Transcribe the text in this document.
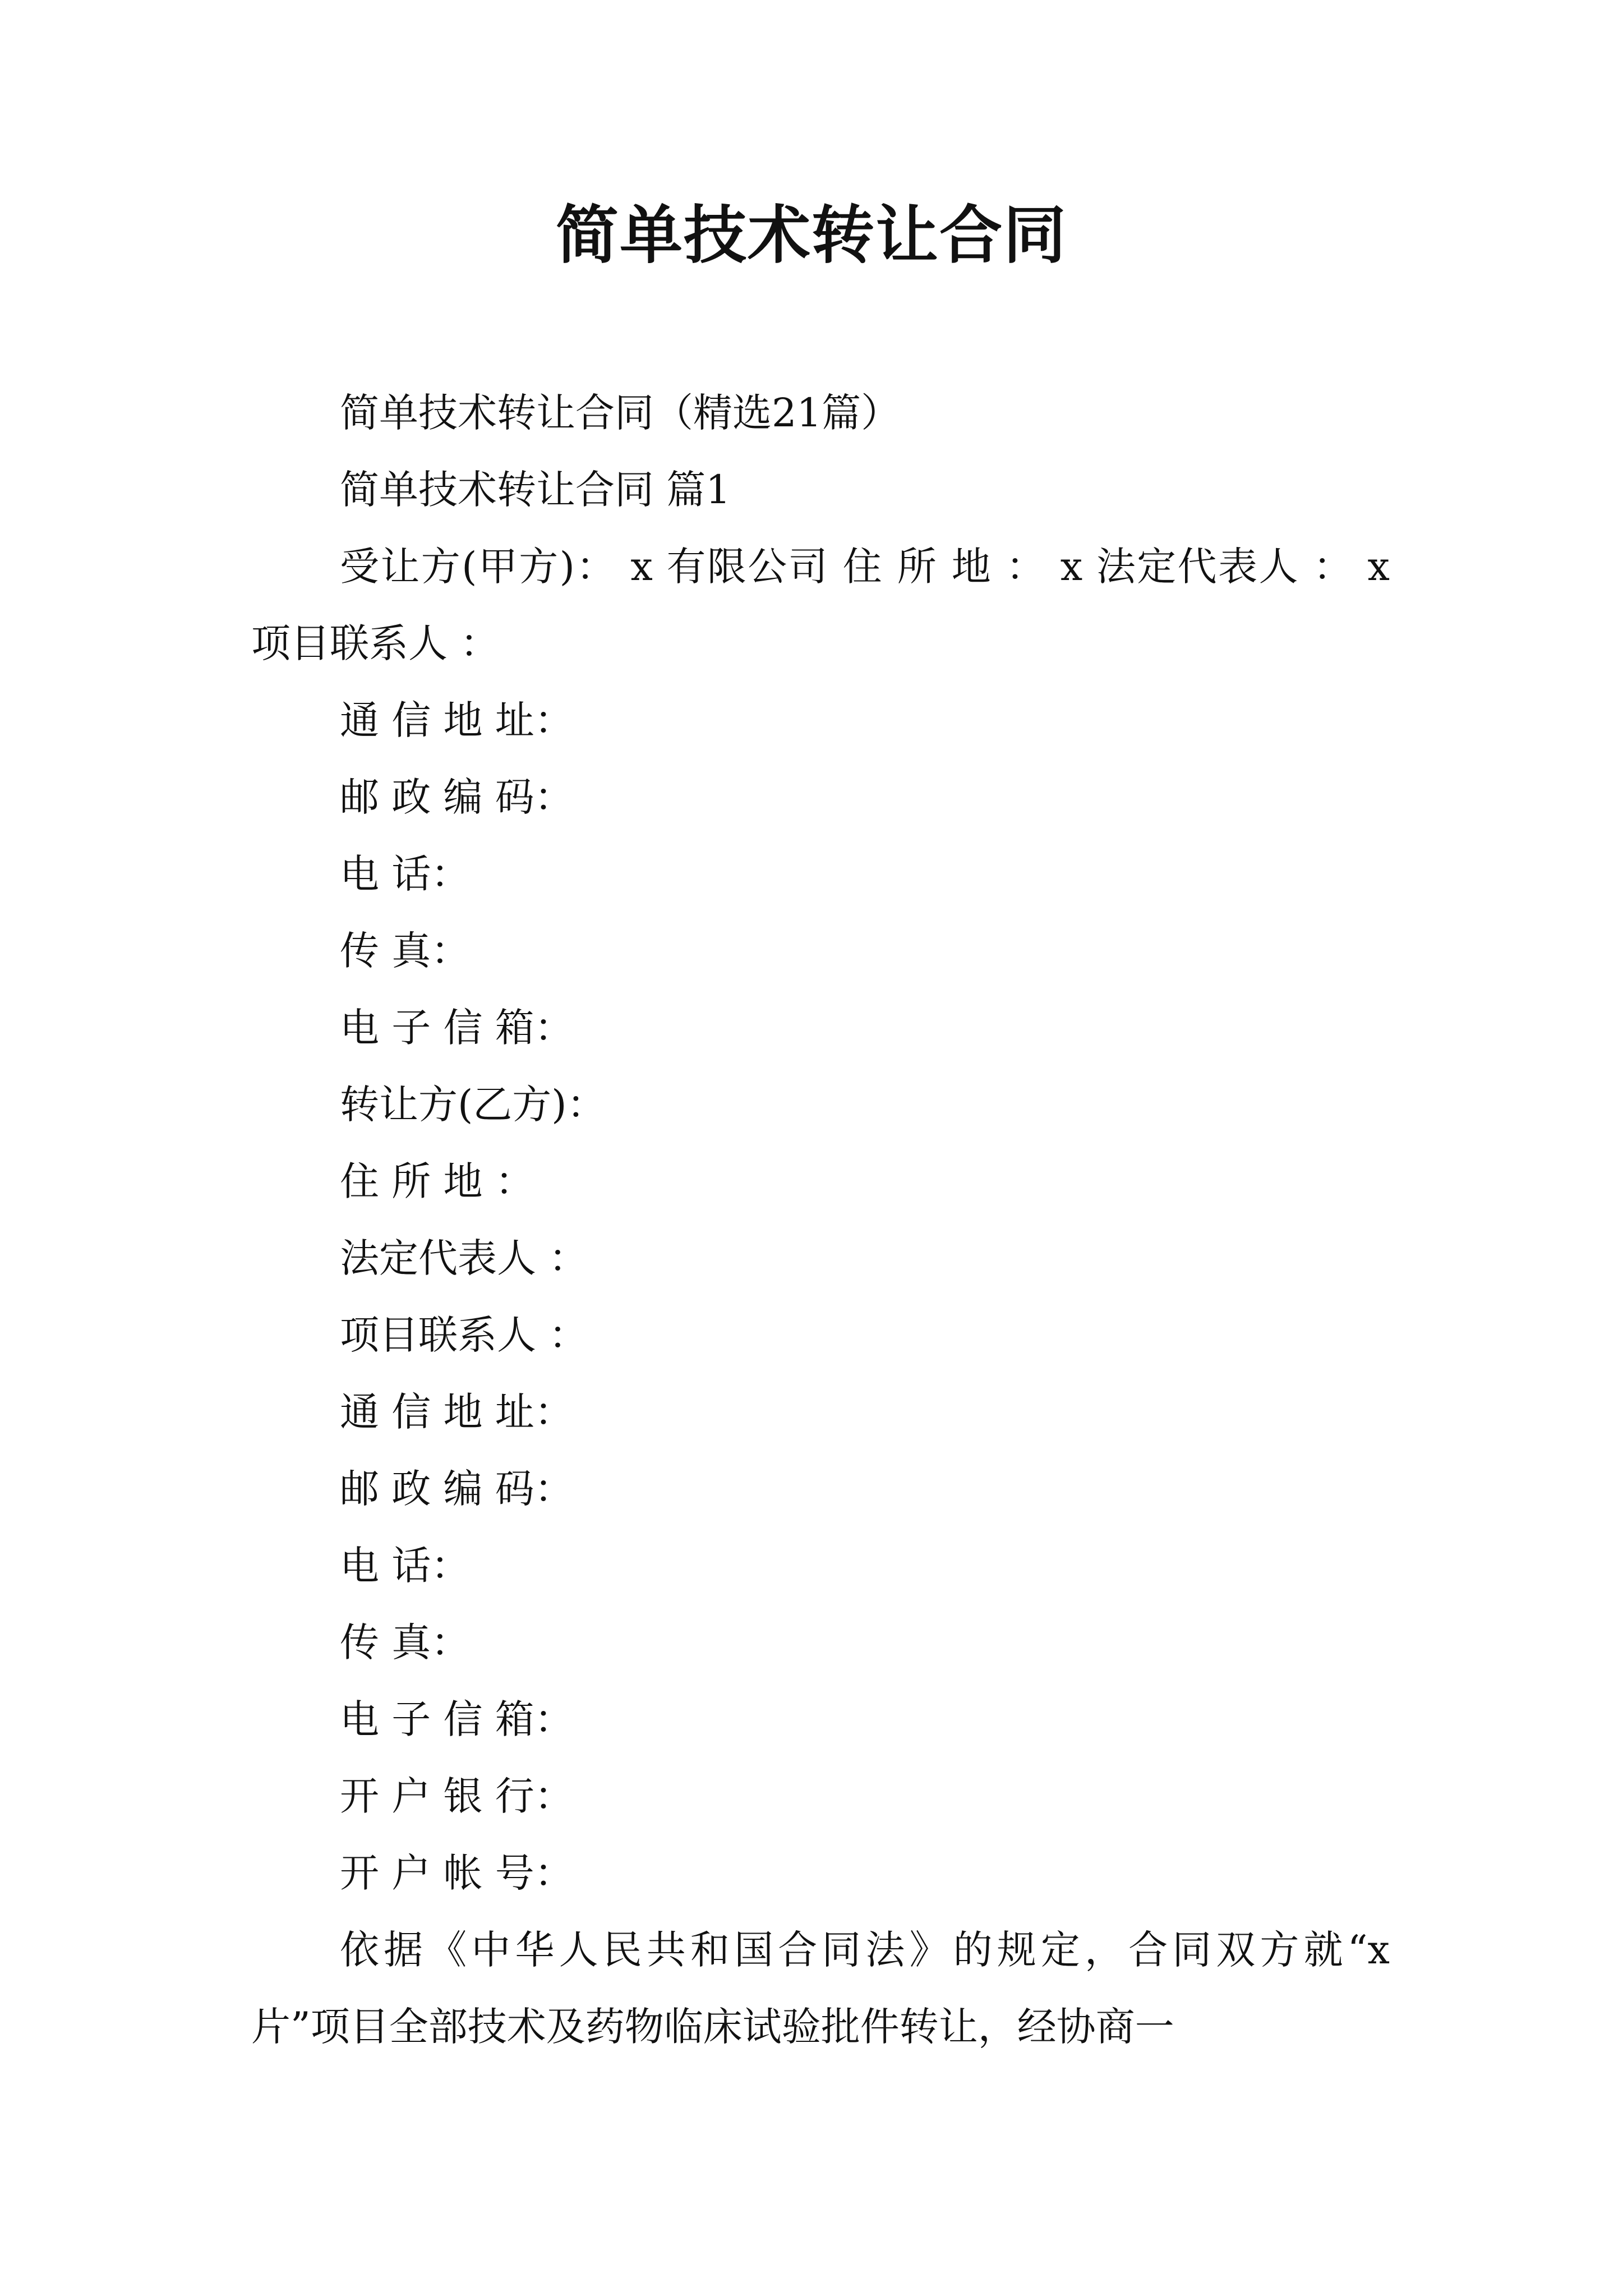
简单技术转让合同

简单技术转让合同（精选21篇）

简单技术转让合同 篇1

受让方(甲方)： x 有限公司 住 所 地 ： x 法定代表人 ： x 项目联系人 ：

通 信 地 址：

邮 政 编 码：

电 话：

传 真：

电 子 信 箱：

转让方(乙方)：

住 所 地 ：

法定代表人 ：

项目联系人 ：

通 信 地 址：

邮 政 编 码：

电 话：

传 真：

电 子 信 箱：

开 户 银 行：

开 户 帐 号：

依据《中华人民共和国合同法》的规定，合同双方就“x 片”项目全部技术及药物临床试验批件转让，经协商一
